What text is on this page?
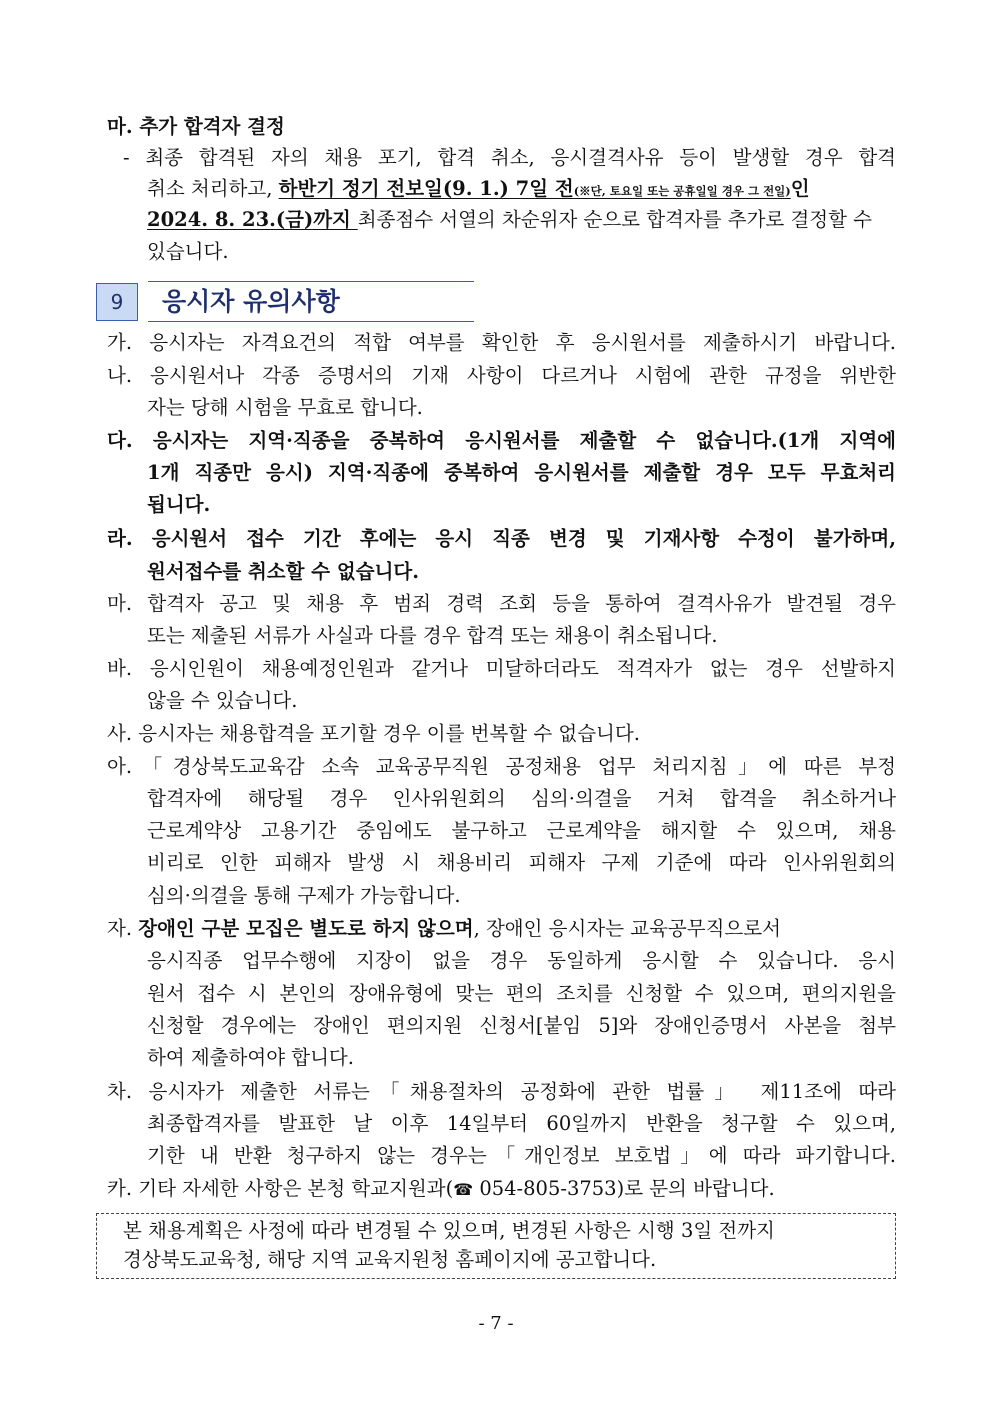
마. 추가 합격자 결정
- 최종 합격된 자의 채용 포기, 합격 취소, 응시결격사유 등이 발생할 경우 합격
취소 처리하고, 하반기 정기 전보일(9. 1.) 7일 전(※단, 토요일 또는 공휴일일 경우 그 전일)인
2024. 8. 23.(금)까지 최종점수 서열의 차순위자 순으로 합격자를 추가로 결정할 수
있습니다.
9	응시자 유의사항
가. 응시자는 자격요건의 적합 여부를 확인한 후 응시원서를 제출하시기 바랍니다.
나. 응시원서나 각종 증명서의 기재 사항이 다르거나 시험에 관한 규정을 위반한
자는 당해 시험을 무효로 합니다.
다. 응시자는 지역·직종을 중복하여 응시원서를 제출할 수 없습니다.(1개 지역에
1개 직종만 응시) 지역·직종에 중복하여 응시원서를 제출할 경우 모두 무효처리
됩니다.
라. 응시원서 접수 기간 후에는 응시 직종 변경 및 기재사항 수정이 불가하며,
원서접수를 취소할 수 없습니다.
마. 합격자 공고 및 채용 후 범죄 경력 조회 등을 통하여 결격사유가 발견될 경우
또는 제출된 서류가 사실과 다를 경우 합격 또는 채용이 취소됩니다.
바. 응시인원이 채용예정인원과 같거나 미달하더라도 적격자가 없는 경우 선발하지
않을 수 있습니다.
사. 응시자는 채용합격을 포기할 경우 이를 번복할 수 없습니다.
아.「경상북도교육감 소속 교육공무직원 공정채용 업무 처리지침」에 따른 부정
합격자에 해당될 경우 인사위원회의 심의·의결을 거쳐 합격을 취소하거나
근로계약상 고용기간 중임에도 불구하고 근로계약을 해지할 수 있으며, 채용
비리로 인한 피해자 발생 시 채용비리 피해자 구제 기준에 따라 인사위원회의
심의·의결을 통해 구제가 가능합니다.
자. 장애인 구분 모집은 별도로 하지 않으며, 장애인 응시자는 교육공무직으로서
응시직종 업무수행에 지장이 없을 경우 동일하게 응시할 수 있습니다. 응시
원서 접수 시 본인의 장애유형에 맞는 편의 조치를 신청할 수 있으며, 편의지원을
신청할 경우에는 장애인 편의지원 신청서[붙임 5]와 장애인증명서 사본을 첨부
하여 제출하여야 합니다.
차. 응시자가 제출한 서류는「채용절차의 공정화에 관한 법률」 제11조에 따라
최종합격자를 발표한 날 이후 14일부터 60일까지 반환을 청구할 수 있으며,
기한 내 반환 청구하지 않는 경우는「개인정보 보호법」에 따라 파기합니다.
카. 기타 자세한 사항은 본청 학교지원과(☎ 054-805-3753)로 문의 바랍니다.
본 채용계획은 사정에 따라 변경될 수 있으며, 변경된 사항은 시행 3일 전까지
경상북도교육청, 해당 지역 교육지원청 홈페이지에 공고합니다.
- 7 -
